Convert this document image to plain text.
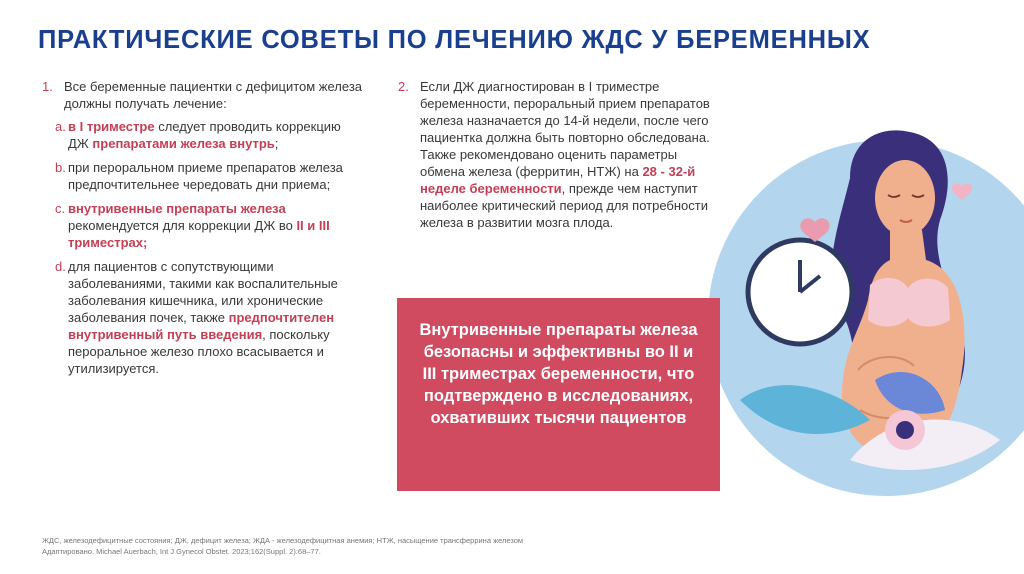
ПРАКТИЧЕСКИЕ СОВЕТЫ ПО ЛЕЧЕНИЮ ЖДС У БЕРЕМЕННЫХ
1. Все беременные пациентки с дефицитом железа должны получать лечение:
a. в I триместре следует проводить коррекцию ДЖ препаратами железа внутрь;
b. при пероральном приеме препаратов железа предпочтительнее чередовать дни приема;
c. внутривенные препараты железа рекомендуется для коррекции ДЖ во II и III триместрах;
d. для пациентов с сопутствующими заболеваниями, такими как воспалительные заболевания кишечника, или хронические заболевания почек, также предпочтителен внутривенный путь введения, поскольку пероральное железо плохо всасывается и утилизируется.
2. Если ДЖ диагностирован в I триместре беременности, пероральный прием препаратов железа назначается до 14-й недели, после чего пациентка должна быть повторно обследована. Также рекомендовано оценить параметры обмена железа (ферритин, НТЖ) на 28 - 32-й неделе беременности, прежде чем наступит наиболее критический период для потребности железа в развитии мозга плода.
Внутривенные препараты железа безопасны и эффективны во II и III триместрах беременности, что подтверждено в исследованиях, охвативших тысячи пациентов
ЖДС, железодефицитные состояния; ДЖ, дефицит железа; ЖДА - железодефицитная анемия; НТЖ, насыщение трансферрина железом
Адаптировано. Michael Auerbach, Int J Gynecol Obstet. 2023;162(Suppl. 2):68–77.
